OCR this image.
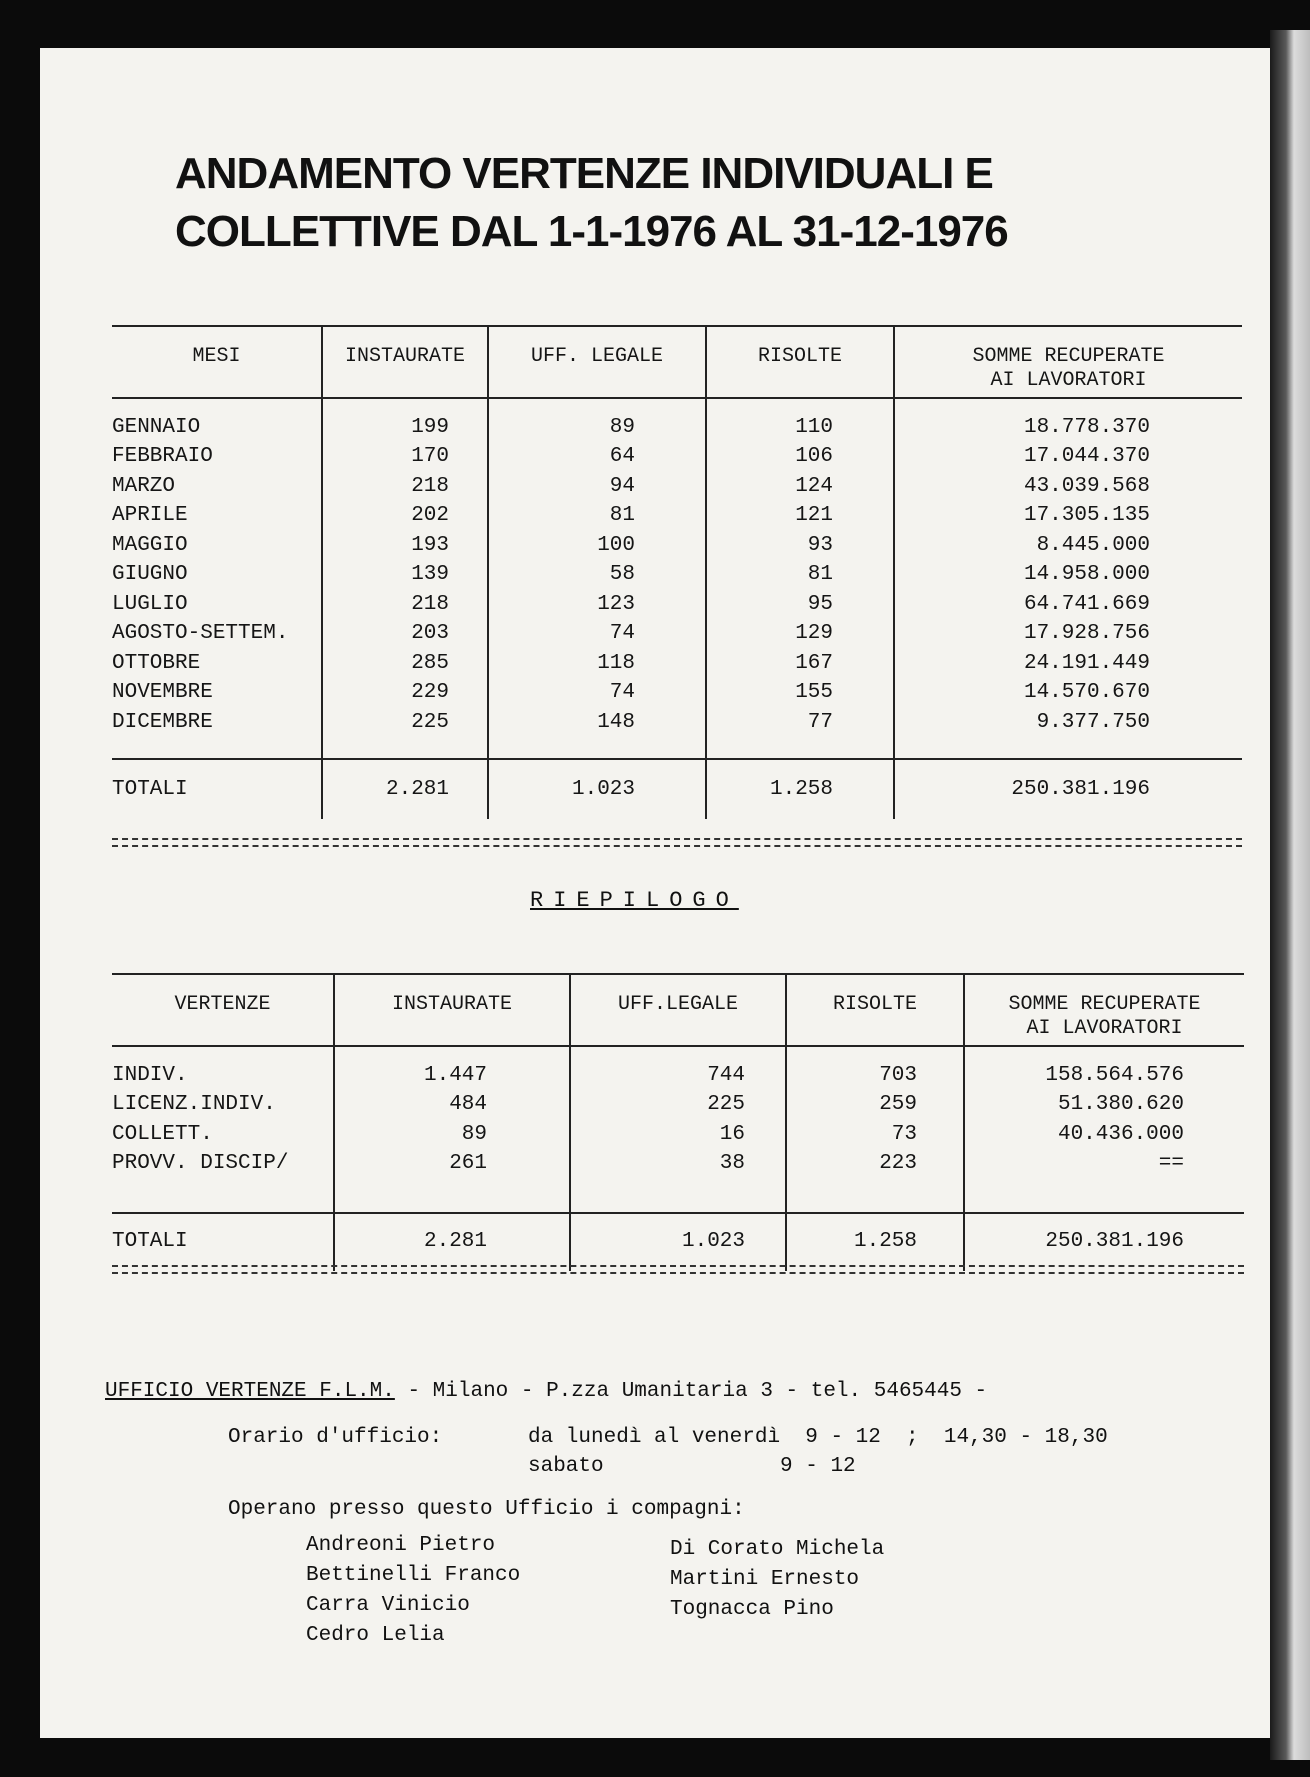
ANDAMENTO VERTENZE INDIVIDUALI E
COLLETTIVE DAL 1-1-1976 AL 31-12-1976
MESI	INSTAURATE	UFF. LEGALE	RISOLTE	SOMME RECUPERATE
AI LAVORATORI
GENNAIO	199	89	110	18.778.370
FEBBRAIO	170	64	106	17.044.370
MARZO	218	94	124	43.039.568
APRILE	202	81	121	17.305.135
MAGGIO	193	100	93	8.445.000
GIUGNO	139	58	81	14.958.000
LUGLIO	218	123	95	64.741.669
AGOSTO-SETTEM.	203	74	129	17.928.756
OTTOBRE	285	118	167	24.191.449
NOVEMBRE	229	74	155	14.570.670
DICEMBRE	225	148	77	9.377.750

TOTALI	2.281	1.023	1.258	250.381.196
RIEPILOGO
VERTENZE	INSTAURATE	UFF.LEGALE	RISOLTE	SOMME RECUPERATE
AI LAVORATORI
INDIV.	1.447	744	703	158.564.576
LICENZ.INDIV.	484	225	259	51.380.620
COLLETT.	89	16	73	40.436.000
PROVV. DISCIP/	261	38	223	==

TOTALI	2.281	1.023	1.258	250.381.196
UFFICIO VERTENZE F.L.M. - Milano - P.zza Umanitaria 3 - tel. 5465445 -
Orario d'ufficio:	da lunedì al venerdì  9 - 12  ;  14,30 - 18,30
sabato              9 - 12
Operano presso questo Ufficio i compagni:
Andreoni Pietro
Bettinelli Franco
Carra Vinicio
Cedro Lelia
Di Corato Michela
Martini Ernesto
Tognacca Pino
